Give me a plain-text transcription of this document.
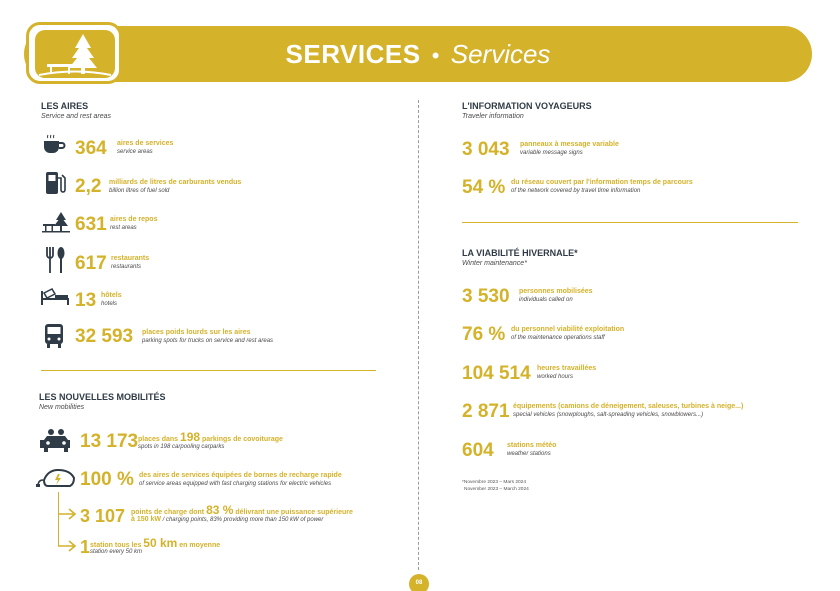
SERVICES • Services
LES AIRES
Service and rest areas
364 aires de services
service areas
2,2 milliards de litres de carburants vendus
billion litres of fuel sold
631 aires de repos
rest areas
617 restaurants
restaurants
13 hôtels
hotels
32 593 places poids lourds sur les aires
parking spots for trucks on service and rest areas
LES NOUVELLES MOBILITÉS
New mobilities
13 173 places dans 198 parkings de covoiturage
spots in 198 carpooling carparks
100 % des aires de services équipées de bornes de recharge rapide
of service areas equipped with fast charging stations for electric vehicles
3 107 points de charge dont 83 % délivrant une puissance supérieure
à 150 kW / charging points, 83% providing more than 150 kW of power
1 station tous les 50 km en moyenne
station every 50 km
L'INFORMATION VOYAGEURS
Traveler information
3 043 panneaux à message variable
variable message signs
54 % du réseau couvert par l'information temps de parcours
of the network covered by travel time information
LA VIABILITÉ HIVERNALE*
Winter maintenance*
3 530 personnes mobilisées
individuals called on
76 % du personnel viabilité exploitation
of the maintenance operations staff
104 514 heures travaillées
worked hours
2 871 équipements (camions de déneigement, saleuses, turbines à neige...)
special vehicles (snowploughs, salt-spreading vehicles, snowblowers...)
604 stations météo
weather stations
*Novembre 2023 – Mars 2024
November 2023 – March 2024
08
